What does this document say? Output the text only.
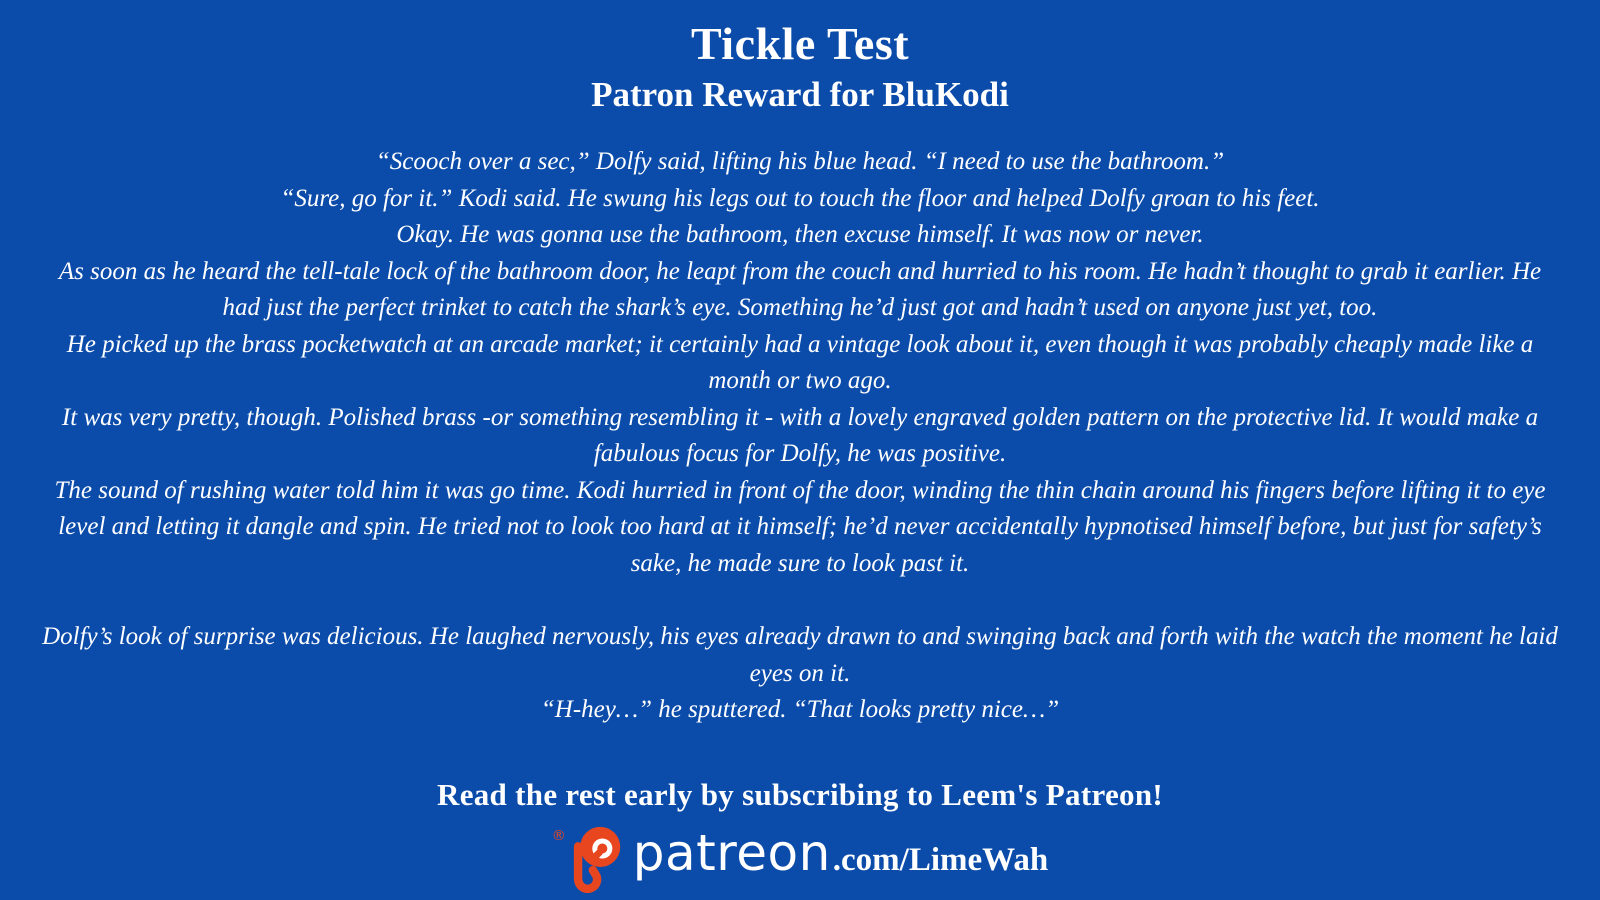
Tickle Test
Patron Reward for BluKodi

“Scooch over a sec,” Dolfy said, lifting his blue head. “I need to use the bathroom.”

“Sure, go for it.” Kodi said. He swung his legs out to touch the floor and helped Dolfy groan to his feet.

Okay. He was gonna use the bathroom, then excuse himself. It was now or never.

As soon as he heard the tell-tale lock of the bathroom door, he leapt from the couch and hurried to his room. He hadn’t thought to grab it earlier. He had just the perfect trinket to catch the shark’s eye. Something he’d just got and hadn’t used on anyone just yet, too.

He picked up the brass pocketwatch at an arcade market; it certainly had a vintage look about it, even though it was probably cheaply made like a month or two ago.

It was very pretty, though. Polished brass -or something resembling it - with a lovely engraved golden pattern on the protective lid. It would make a fabulous focus for Dolfy, he was positive.

The sound of rushing water told him it was go time. Kodi hurried in front of the door, winding the thin chain around his fingers before lifting it to eye level and letting it dangle and spin. He tried not to look too hard at it himself; he’d never accidentally hypnotised himself before, but just for safety’s sake, he made sure to look past it.

Dolfy’s look of surprise was delicious. He laughed nervously, his eyes already drawn to and swinging back and forth with the watch the moment he laid eyes on it.

“H-hey…” he sputtered. “That looks pretty nice…”

Read the rest early by subscribing to Leem's Patreon!
® patreon .com/LimeWah
